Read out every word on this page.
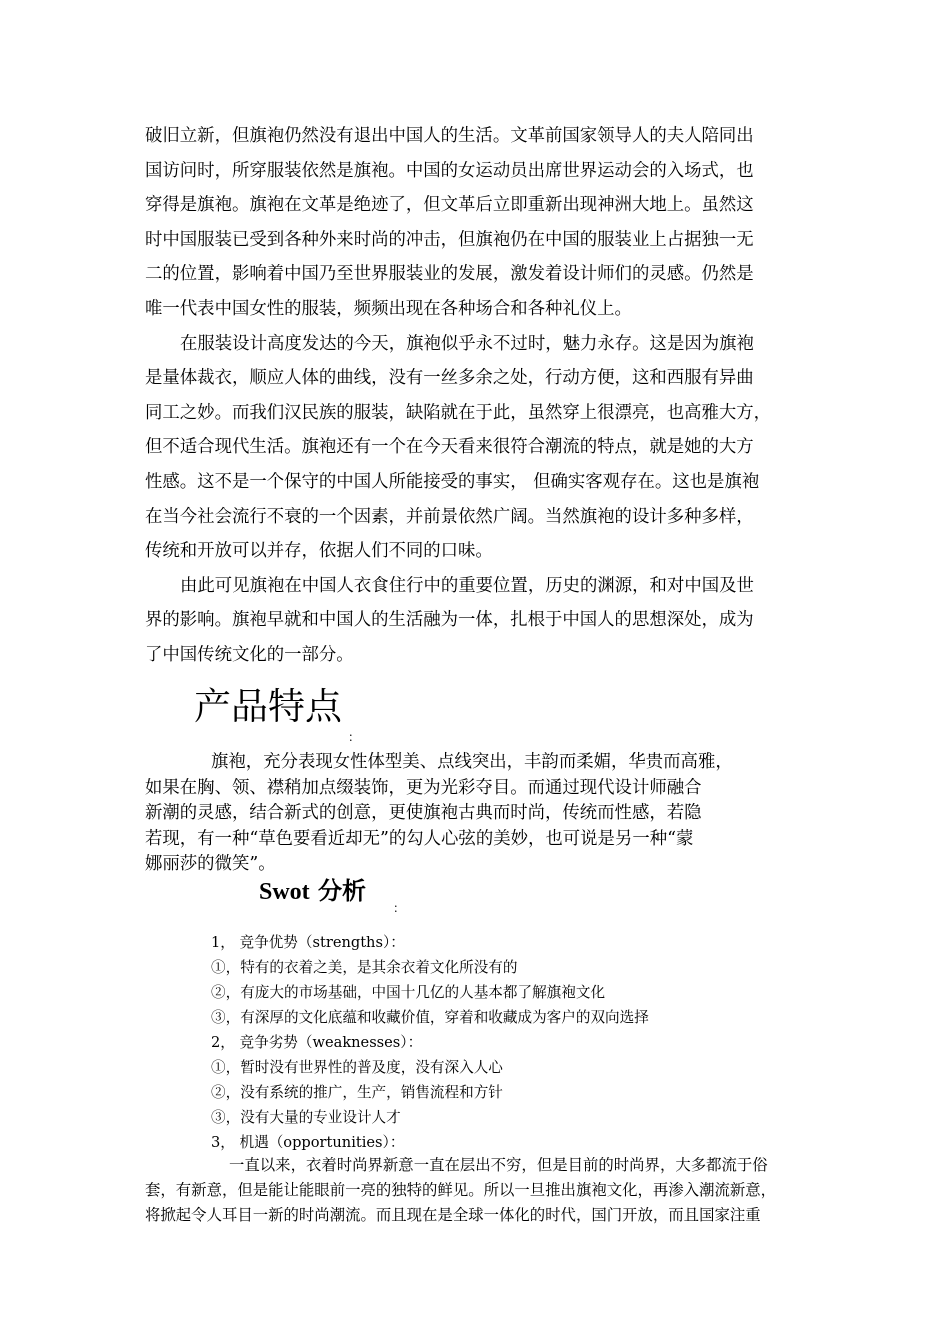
破旧立新，但旗袍仍然没有退出中国人的生活。文革前国家领导人的夫人陪同出
国访问时，所穿服装依然是旗袍。中国的女运动员出席世界运动会的入场式，也
穿得是旗袍。旗袍在文革是绝迹了，但文革后立即重新出现神洲大地上。虽然这
时中国服装已受到各种外来时尚的冲击，但旗袍仍在中国的服装业上占据独一无
二的位置，影响着中国乃至世界服装业的发展，激发着设计师们的灵感。仍然是
唯一代表中国女性的服装，频频出现在各种场合和各种礼仪上。
在服装设计高度发达的今天，旗袍似乎永不过时，魅力永存。这是因为旗袍
是量体裁衣，顺应人体的曲线，没有一丝多余之处，行动方便，这和西服有异曲
同工之妙。而我们汉民族的服装，缺陷就在于此，虽然穿上很漂亮，也高雅大方，
但不适合现代生活。旗袍还有一个在今天看来很符合潮流的特点，就是她的大方
性感。这不是一个保守的中国人所能接受的事实， 但确实客观存在。这也是旗袍
在当今社会流行不衰的一个因素，并前景依然广阔。当然旗袍的设计多种多样，
传统和开放可以并存，依据人们不同的口味。
由此可见旗袍在中国人衣食住行中的重要位置，历史的渊源，和对中国及世
界的影响。旗袍早就和中国人的生活融为一体，扎根于中国人的思想深处，成为
了中国传统文化的一部分。
产品特点
：
旗袍，充分表现女性体型美、点线突出，丰韵而柔媚，华贵而高雅，
如果在胸、领、襟稍加点缀装饰，更为光彩夺目。而通过现代设计师融合
新潮的灵感，结合新式的创意，更使旗袍古典而时尚，传统而性感，若隐
若现，有一种“草色要看近却无”的勾人心弦的美妙，也可说是另一种“蒙
娜丽莎的微笑”。
Swot 分析
：
1， 竞争优势（strengths）：
①，特有的衣着之美，是其余衣着文化所没有的
②，有庞大的市场基础，中国十几亿的人基本都了解旗袍文化
③，有深厚的文化底蕴和收藏价值，穿着和收藏成为客户的双向选择
2， 竞争劣势（weaknesses）：
①，暂时没有世界性的普及度，没有深入人心
②，没有系统的推广，生产，销售流程和方针
③，没有大量的专业设计人才
3， 机遇（opportunities）：
一直以来，衣着时尚界新意一直在层出不穷，但是目前的时尚界，大多都流于俗
套，有新意，但是能让能眼前一亮的独特的鲜见。所以一旦推出旗袍文化，再渗入潮流新意，
将掀起令人耳目一新的时尚潮流。而且现在是全球一体化的时代，国门开放，而且国家注重
